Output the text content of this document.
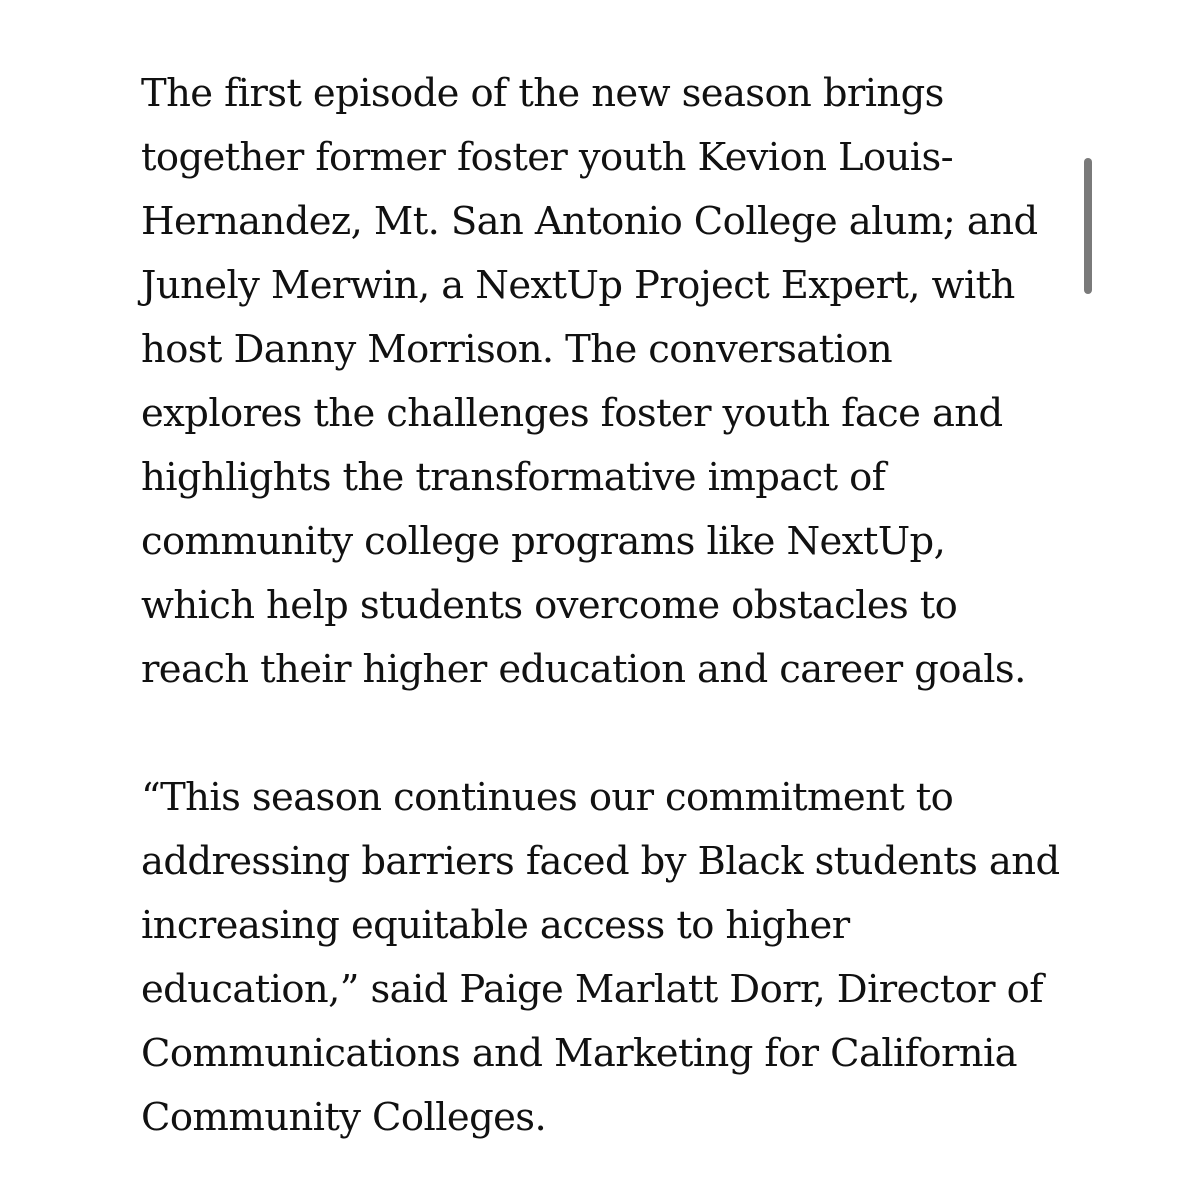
The first episode of the new season brings
together former foster youth Kevion Louis-
Hernandez, Mt. San Antonio College alum; and
Junely Merwin, a NextUp Project Expert, with
host Danny Morrison. The conversation
explores the challenges foster youth face and
highlights the transformative impact of
community college programs like NextUp,
which help students overcome obstacles to
reach their higher education and career goals.

“This season continues our commitment to
addressing barriers faced by Black students and
increasing equitable access to higher
education,” said Paige Marlatt Dorr, Director of
Communications and Marketing for California
Community Colleges.
